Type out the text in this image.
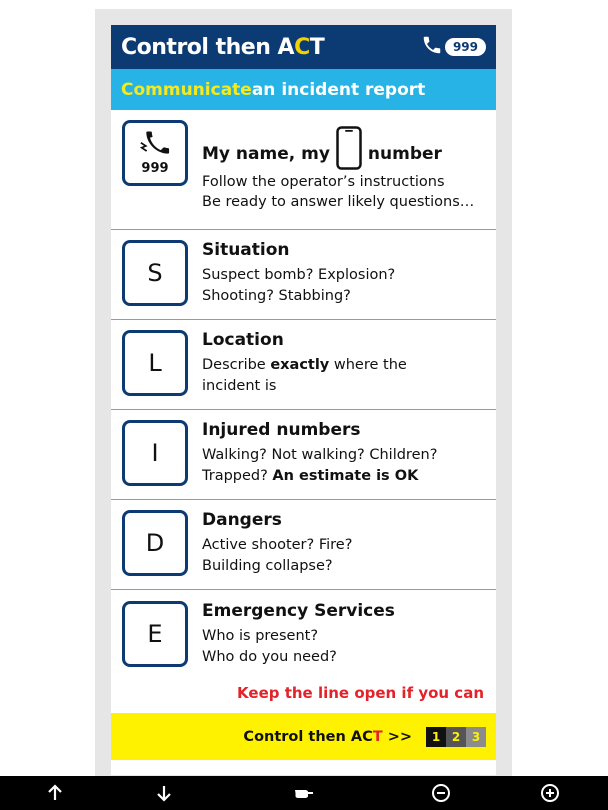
Control then ACT	999
Communicate an incident report
999
My name, my number
Follow the operator’s instructions
Be ready to answer likely questions…
S
Situation
Suspect bomb? Explosion?
Shooting? Stabbing?
L
Location
Describe exactly where the
incident is
I
Injured numbers
Walking? Not walking? Children?
Trapped? An estimate is OK
D
Dangers
Active shooter? Fire?
Building collapse?
E
Emergency Services
Who is present?
Who do you need?
Keep the line open if you can
Control then ACT >>	1 2 3
